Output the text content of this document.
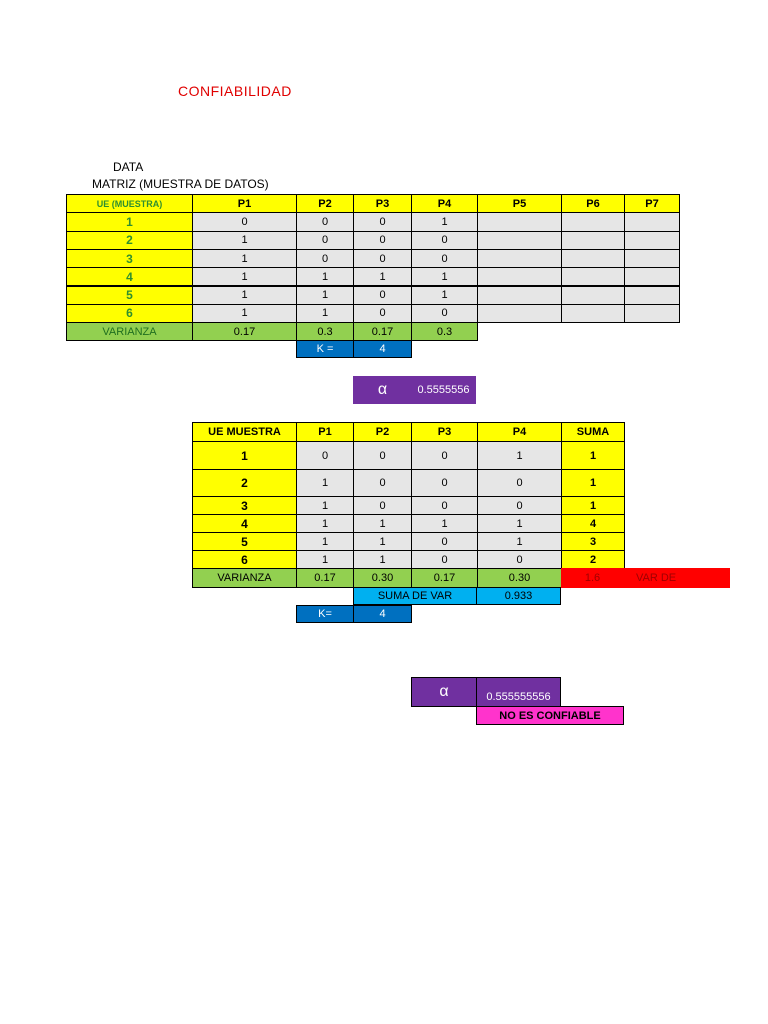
CONFIABILIDAD
DATA
MATRIZ (MUESTRA DE DATOS)
UE (MUESTRA)	P1	P2	P3	P4	P5	P6	P7
1	0	0	0	1
2	1	0	0	0
3	1	0	0	0
4	1	1	1	1
5	1	1	0	1
6	1	1	0	0
VARIANZA	0.17	0.3	0.17	0.3
K =	4
α	0.5555556
UE MUESTRA	P1	P2	P3	P4	SUMA
1	0	0	0	1	1
2	1	0	0	0	1
3	1	0	0	0	1
4	1	1	1	1	4
5	1	1	0	1	3
6	1	1	0	0	2
VARIANZA	0.17	0.30	0.17	0.30	1.6	VAR DE
SUMA DE VAR	0.933
K=	4
α	0.555555556
NO ES CONFIABLE
